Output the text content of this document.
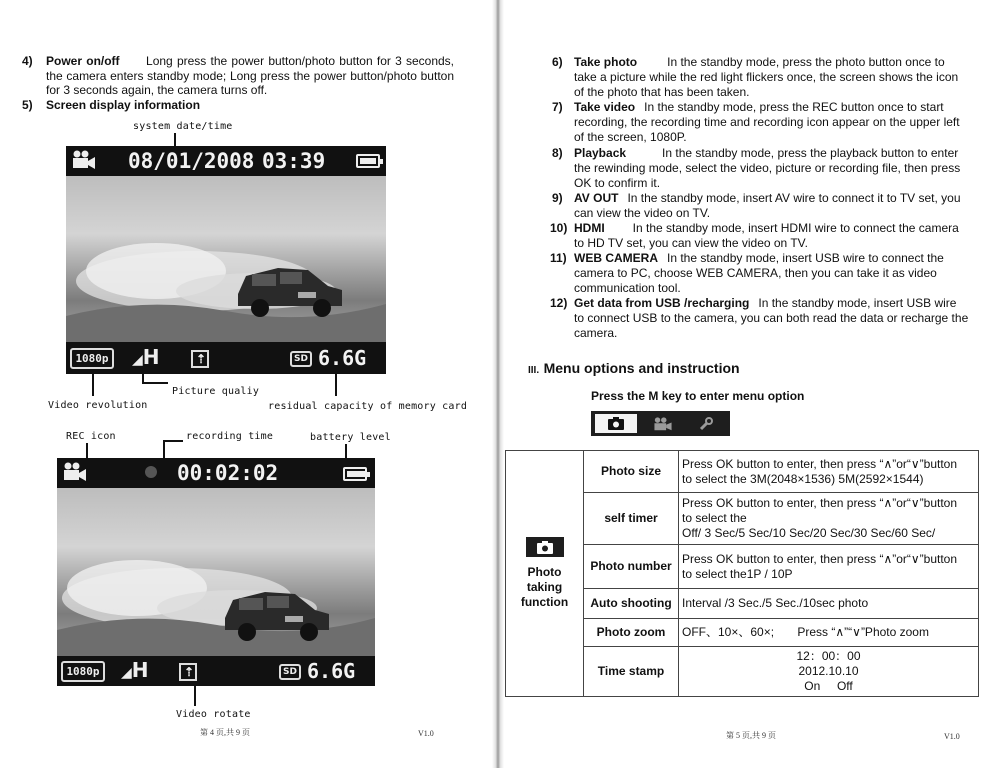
4) Power on/off Long press the power button/photo button for 3 seconds, the camera enters standby mode; Long press the power button/photo button for 3 seconds again, the camera turns off.
5) Screen display information
system date/time
08/01/2008 03:39
1080p	◢H	⇡	SD 6.6G
Picture qualiy
Video revolution	residual capacity of memory card
REC icon	recording time	battery level
00:02:02
1080p	◢H	⇡	SD 6.6G
Video rotate
第 4 页,共 9 页	V1.0
6) Take photo	In the standby mode, press the photo button once to
take a picture while the red light flickers once, the screen shows the icon
of the photo that has been taken.
7) Take video In the standby mode, press the REC button once to start
recording, the recording time and recording icon appear on the upper left
of the screen, 1080P.
8) Playback	In the standby mode, press the playback button to enter
the rewinding mode, select the video, picture or recording file, then press
OK to confirm it.
9) AV OUT In the standby mode, insert AV wire to connect it to TV set, you
can view the video on TV.
10) HDMI In the standby mode, insert HDMI wire to connect the camera
to HD TV set, you can view the video on TV.
11) WEB CAMERA In the standby mode, insert USB wire to connect the
camera to PC, choose WEB CAMERA, then you can take it as video
communication tool.
12) Get data from USB /recharging In the standby mode, insert USB wire
to connect USB to the camera, you can both read the data or recharge the
camera.
III. Menu options and instruction
Press the M key to enter menu option
Photo taking function	Photo size	Press OK button to enter, then press “∧”or“∨”button
to select the 3M(2048×1536) 5M(2592×1544)

	self timer	Press OK button to enter, then press “∧”or“∨”button
to select the
Off/ 3 Sec/5 Sec/10 Sec/20 Sec/30 Sec/60 Sec/

	Photo number	Press OK button to enter, then press “∧”or“∨”button
to select the1P / 10P

	Auto shooting	Interval /3 Sec./5 Sec./10sec photo

	Photo zoom	OFF、10×、60×;       Press “∧”“∨”Photo zoom

	Time stamp	12：00：00
2012.10.10
On     Off
第 5 页,共 9 页	V1.0
